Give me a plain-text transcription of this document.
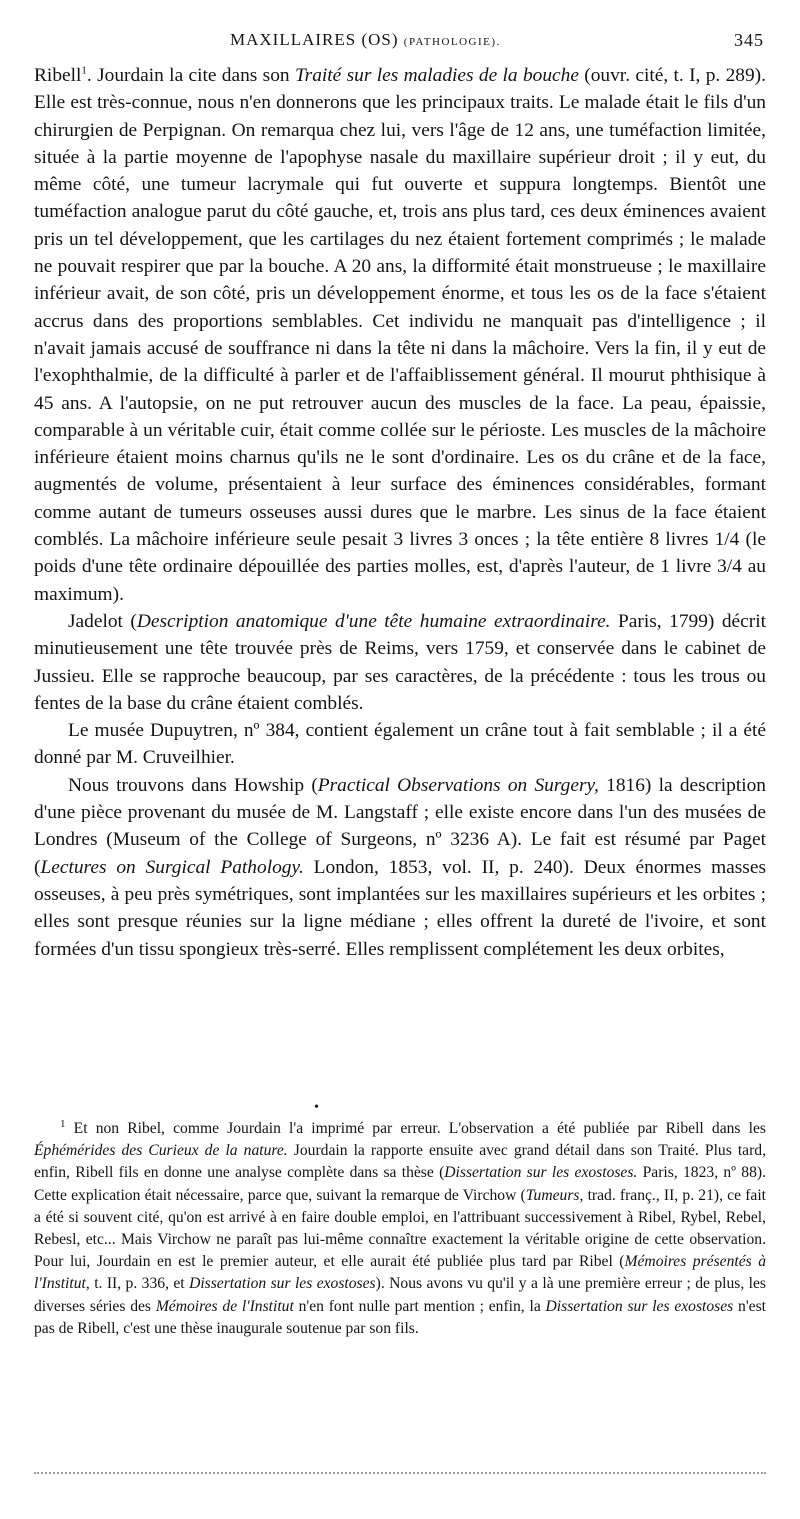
MAXILLAIRES (OS) (PATHOLOGIE).	345

Ribell$^1$. Jourdain la cite dans son Traité sur les maladies de la bouche (ouvr. cité, t. I, p. 289). Elle est très-connue, nous n'en donnerons que les principaux traits. Le malade était le fils d'un chirurgien de Perpignan. On remarqua chez lui, vers l'âge de 12 ans, une tuméfaction limitée, située à la partie moyenne de l'apophyse nasale du maxillaire supérieur droit ; il y eut, du même côté, une tumeur lacrymale qui fut ouverte et suppura longtemps. Bientôt une tuméfaction analogue parut du côté gauche, et, trois ans plus tard, ces deux éminences avaient pris un tel développement, que les cartilages du nez étaient fortement comprimés ; le malade ne pouvait respirer que par la bouche. A 20 ans, la difformité était monstrueuse ; le maxillaire inférieur avait, de son côté, pris un développement énorme, et tous les os de la face s'étaient accrus dans des proportions semblables. Cet individu ne manquait pas d'intelligence ; il n'avait jamais accusé de souffrance ni dans la tête ni dans la mâchoire. Vers la fin, il y eut de l'exophthalmie, de la difficulté à parler et de l'affaiblissement général. Il mourut phthisique à 45 ans. A l'autopsie, on ne put retrouver aucun des muscles de la face. La peau, épaissie, comparable à un véritable cuir, était comme collée sur le périoste. Les muscles de la mâchoire inférieure étaient moins charnus qu'ils ne le sont d'ordinaire. Les os du crâne et de la face, augmentés de volume, présentaient à leur surface des éminences considérables, formant comme autant de tumeurs osseuses aussi dures que le marbre. Les sinus de la face étaient comblés. La mâchoire inférieure seule pesait 3 livres 3 onces ; la tête entière 8 livres 1/4 (le poids d'une tête ordinaire dépouillée des parties molles, est, d'après l'auteur, de 1 livre 3/4 au maximum).

Jadelot (Description anatomique d'une tête humaine extraordinaire. Paris, 1799) décrit minutieusement une tête trouvée près de Reims, vers 1759, et conservée dans le cabinet de Jussieu. Elle se rapproche beaucoup, par ses caractères, de la précédente : tous les trous ou fentes de la base du crâne étaient comblés.

Le musée Dupuytren, nº 384, contient également un crâne tout à fait semblable ; il a été donné par M. Cruveilhier.

Nous trouvons dans Howship (Practical Observations on Surgery, 1816) la description d'une pièce provenant du musée de M. Langstaff ; elle existe encore dans l'un des musées de Londres (Museum of the College of Surgeons, nº 3236 A). Le fait est résumé par Paget (Lectures on Surgical Pathology. London, 1853, vol. II, p. 240). Deux énormes masses osseuses, à peu près symétriques, sont implantées sur les maxillaires supérieurs et les orbites ; elles sont presque réunies sur la ligne médiane ; elles offrent la dureté de l'ivoire, et sont formées d'un tissu spongieux très-serré. Elles remplissent complétement les deux orbites,

•

$^1$ Et non Ribel, comme Jourdain l'a imprimé par erreur. L'observation a été publiée par Ribell dans les Éphémérides des Curieux de la nature. Jourdain la rapporte ensuite avec grand détail dans son Traité. Plus tard, enfin, Ribell fils en donne une analyse complète dans sa thèse (Dissertation sur les exostoses. Paris, 1823, nº 88). Cette explication était nécessaire, parce que, suivant la remarque de Virchow (Tumeurs, trad. franç., II, p. 21), ce fait a été si souvent cité, qu'on est arrivé à en faire double emploi, en l'attribuant successivement à Ribel, Rybel, Rebel, Rebesl, etc... Mais Virchow ne paraît pas lui-même connaître exactement la véritable origine de cette observation. Pour lui, Jourdain en est le premier auteur, et elle aurait été publiée plus tard par Ribel (Mémoires présentés à l'Institut, t. II, p. 336, et Dissertation sur les exostoses). Nous avons vu qu'il y a là une première erreur ; de plus, les diverses séries des Mémoires de l'Institut n'en font nulle part mention ; enfin, la Dissertation sur les exostoses n'est pas de Ribell, c'est une thèse inaugurale soutenue par son fils.
